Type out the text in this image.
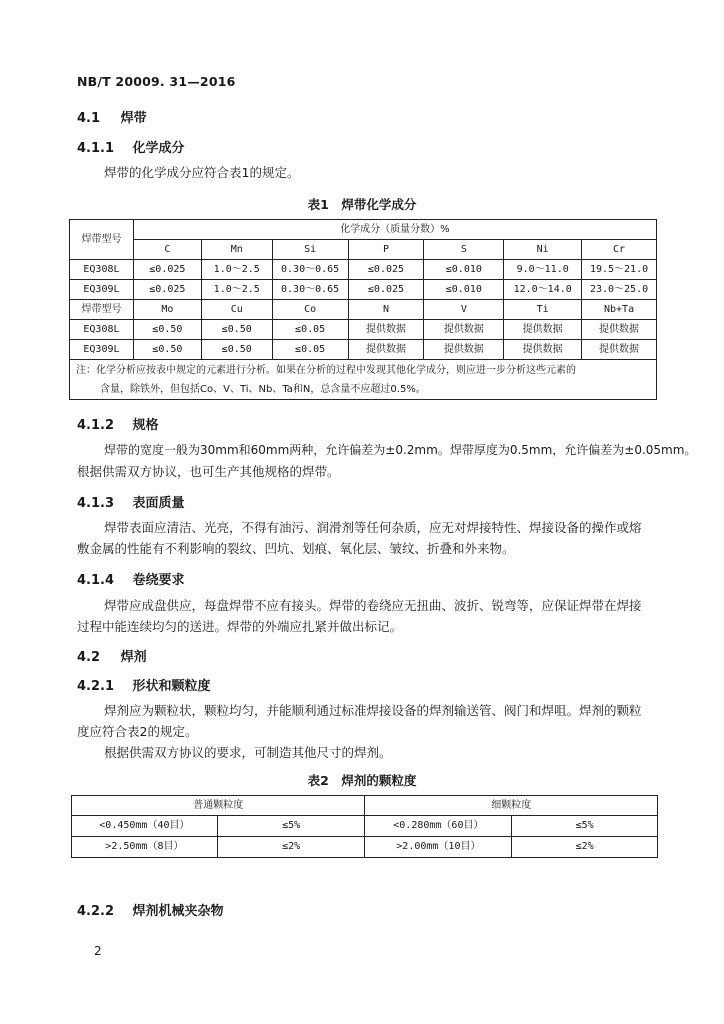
NB/T 20009. 31—2016
4.1 焊带
4.1.1 化学成分
焊带的化学成分应符合表1的规定。
表1　焊带化学成分
焊带型号	化学成分（质量分数）%						
	C	Mn	Si	P	S	Ni	Cr
EQ308L	≤0.025	1.0～2.5	0.30～0.65	≤0.025	≤0.010	9.0～11.0	19.5～21.0
EQ309L	≤0.025	1.0～2.5	0.30～0.65	≤0.025	≤0.010	12.0～14.0	23.0～25.0
焊带型号	Mo	Cu	Co	N	V	Ti	Nb+Ta
EQ308L	≤0.50	≤0.50	≤0.05	提供数据	提供数据	提供数据	提供数据
EQ309L	≤0.50	≤0.50	≤0.05	提供数据	提供数据	提供数据	提供数据

注：化学分析应按表中规定的元素进行分析。如果在分析的过程中发现其他化学成分，则应进一步分析这些元素的
含量，除铁外，但包括Co、V、Ti、Nb、Ta和N，总含量不应超过0.5%。							
4.1.2 规格
焊带的宽度一般为30mm和60mm两种，允许偏差为±0.2mm。焊带厚度为0.5mm，允许偏差为±0.05mm。
根据供需双方协议，也可生产其他规格的焊带。
4.1.3 表面质量
焊带表面应清洁、光亮，不得有油污、润滑剂等任何杂质，应无对焊接特性、焊接设备的操作或熔
敷金属的性能有不利影响的裂纹、凹坑、划痕、氧化层、皱纹、折叠和外来物。
4.1.4 卷绕要求
焊带应成盘供应，每盘焊带不应有接头。焊带的卷绕应无扭曲、波折、锐弯等，应保证焊带在焊接
过程中能连续均匀的送进。焊带的外端应扎紧并做出标记。
4.2 焊剂
4.2.1 形状和颗粒度
焊剂应为颗粒状，颗粒均匀，并能顺利通过标准焊接设备的焊剂输送管、阀门和焊咀。焊剂的颗粒
度应符合表2的规定。
根据供需双方协议的要求，可制造其他尺寸的焊剂。
表2　焊剂的颗粒度
普通颗粒度		细颗粒度	
<0.450mm（40目）	≤5%	<0.280mm（60目）	≤5%
>2.50mm（8目）	≤2%	>2.00mm（10目）	≤2%
4.2.2 焊剂机械夹杂物
2
